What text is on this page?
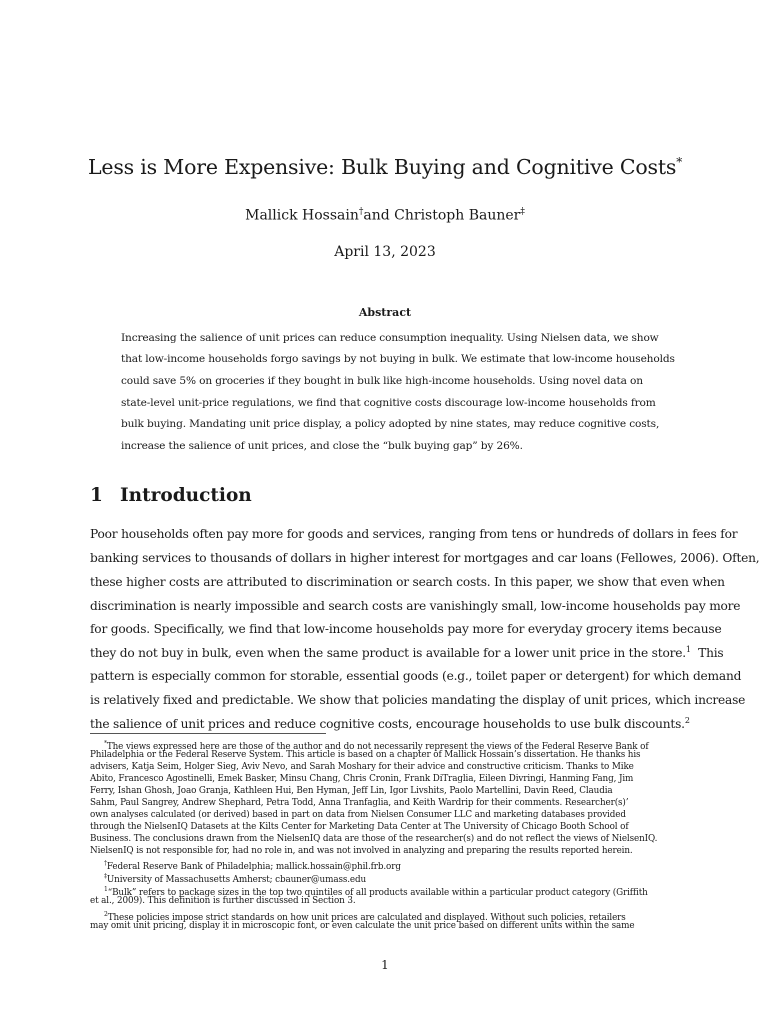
Less is More Expensive: Bulk Buying and Cognitive Costs*
Mallick Hossain†and Christoph Bauner‡
April 13, 2023
Abstract
Increasing the salience of unit prices can reduce consumption inequality. Using Nielsen data, we show
that low-income households forgo savings by not buying in bulk. We estimate that low-income households
could save 5% on groceries if they bought in bulk like high-income households. Using novel data on
state-level unit-price regulations, we find that cognitive costs discourage low-income households from
bulk buying. Mandating unit price display, a policy adopted by nine states, may reduce cognitive costs,
increase the salience of unit prices, and close the “bulk buying gap” by 26%.
1 Introduction
Poor households often pay more for goods and services, ranging from tens or hundreds of dollars in fees for
banking services to thousands of dollars in higher interest for mortgages and car loans (Fellowes, 2006). Often,
these higher costs are attributed to discrimination or search costs. In this paper, we show that even when
discrimination is nearly impossible and search costs are vanishingly small, low-income households pay more
for goods. Specifically, we find that low-income households pay more for everyday grocery items because
they do not buy in bulk, even when the same product is available for a lower unit price in the store.$^1$ This
pattern is especially common for storable, essential goods (e.g., toilet paper or detergent) for which demand
is relatively fixed and predictable. We show that policies mandating the display of unit prices, which increase
the salience of unit prices and reduce cognitive costs, encourage households to use bulk discounts.$^2$
*The views expressed here are those of the author and do not necessarily represent the views of the Federal Reserve Bank of
Philadelphia or the Federal Reserve System. This article is based on a chapter of Mallick Hossain’s dissertation. He thanks his
advisers, Katja Seim, Holger Sieg, Aviv Nevo, and Sarah Moshary for their advice and constructive criticism. Thanks to Mike
Abito, Francesco Agostinelli, Emek Basker, Minsu Chang, Chris Cronin, Frank DiTraglia, Eileen Divringi, Hanming Fang, Jim
Ferry, Ishan Ghosh, Joao Granja, Kathleen Hui, Ben Hyman, Jeff Lin, Igor Livshits, Paolo Martellini, Davin Reed, Claudia
Sahm, Paul Sangrey, Andrew Shephard, Petra Todd, Anna Tranfaglia, and Keith Wardrip for their comments. Researcher(s)’
own analyses calculated (or derived) based in part on data from Nielsen Consumer LLC and marketing databases provided
through the NielsenIQ Datasets at the Kilts Center for Marketing Data Center at The University of Chicago Booth School of
Business. The conclusions drawn from the NielsenIQ data are those of the researcher(s) and do not reflect the views of NielsenIQ.
NielsenIQ is not responsible for, had no role in, and was not involved in analyzing and preparing the results reported herein.
†Federal Reserve Bank of Philadelphia; mallick.hossain@phil.frb.org
‡University of Massachusetts Amherst; cbauner@umass.edu
$^1$“Bulk” refers to package sizes in the top two quintiles of all products available within a particular product category (Griffith
et al., 2009). This definition is further discussed in Section 3.
$^2$These policies impose strict standards on how unit prices are calculated and displayed. Without such policies, retailers
may omit unit pricing, display it in microscopic font, or even calculate the unit price based on different units within the same
1
